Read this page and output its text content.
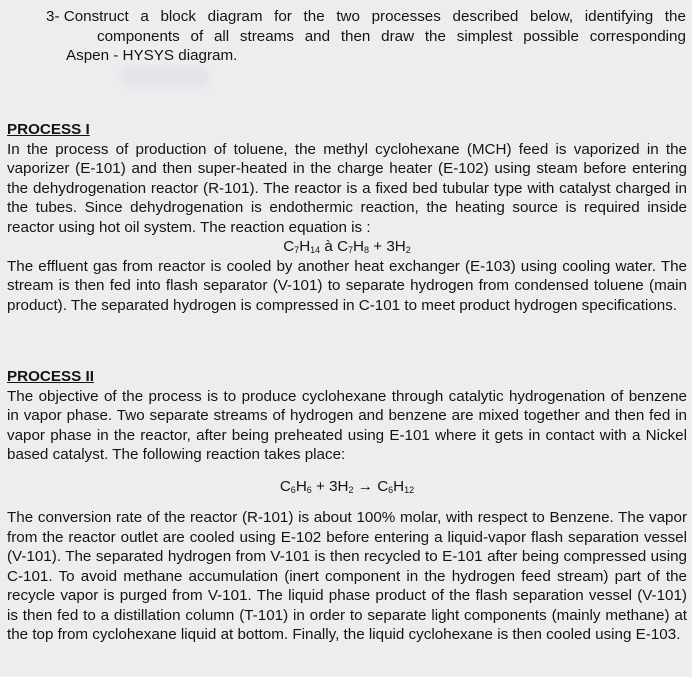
3- Construct a block diagram for the two processes described below, identifying the
components of all streams and then draw the simplest possible corresponding
Aspen - HYSYS diagram.

PROCESS I

In the process of production of toluene, the methyl cyclohexane (MCH) feed is vaporized in the vaporizer (E-101) and then super-heated in the charge heater (E-102) using steam before entering the dehydrogenation reactor (R-101). The reactor is a fixed bed tubular type with catalyst charged in the tubes. Since dehydrogenation is endothermic reaction, the heating source is required inside reactor using hot oil system. The reaction equation is :

$C_7H_{14}$ à $C_7H_8 + 3H_2$

The effluent gas from reactor is cooled by another heat exchanger (E-103) using cooling water. The stream is then fed into flash separator (V-101) to separate hydrogen from condensed toluene (main product). The separated hydrogen is compressed in C-101 to meet product hydrogen specifications.

PROCESS II

The objective of the process is to produce cyclohexane through catalytic hydrogenation of benzene in vapor phase. Two separate streams of hydrogen and benzene are mixed together and then fed in vapor phase in the reactor, after being preheated using E-101 where it gets in contact with a Nickel based catalyst. The following reaction takes place:

$C_6H_6 + 3H_2 \to C_6H_{12}$

The conversion rate of the reactor (R-101) is about 100% molar, with respect to Benzene. The vapor from the reactor outlet are cooled using E-102 before entering a liquid-vapor flash separation vessel (V-101). The separated hydrogen from V-101 is then recycled to E-101 after being compressed using C-101. To avoid methane accumulation (inert component in the hydrogen feed stream) part of the recycle vapor is purged from V-101. The liquid phase product of the flash separation vessel (V-101) is then fed to a distillation column (T-101) in order to separate light components (mainly methane) at the top from cyclohexane liquid at bottom. Finally, the liquid cyclohexane is then cooled using E-103.
